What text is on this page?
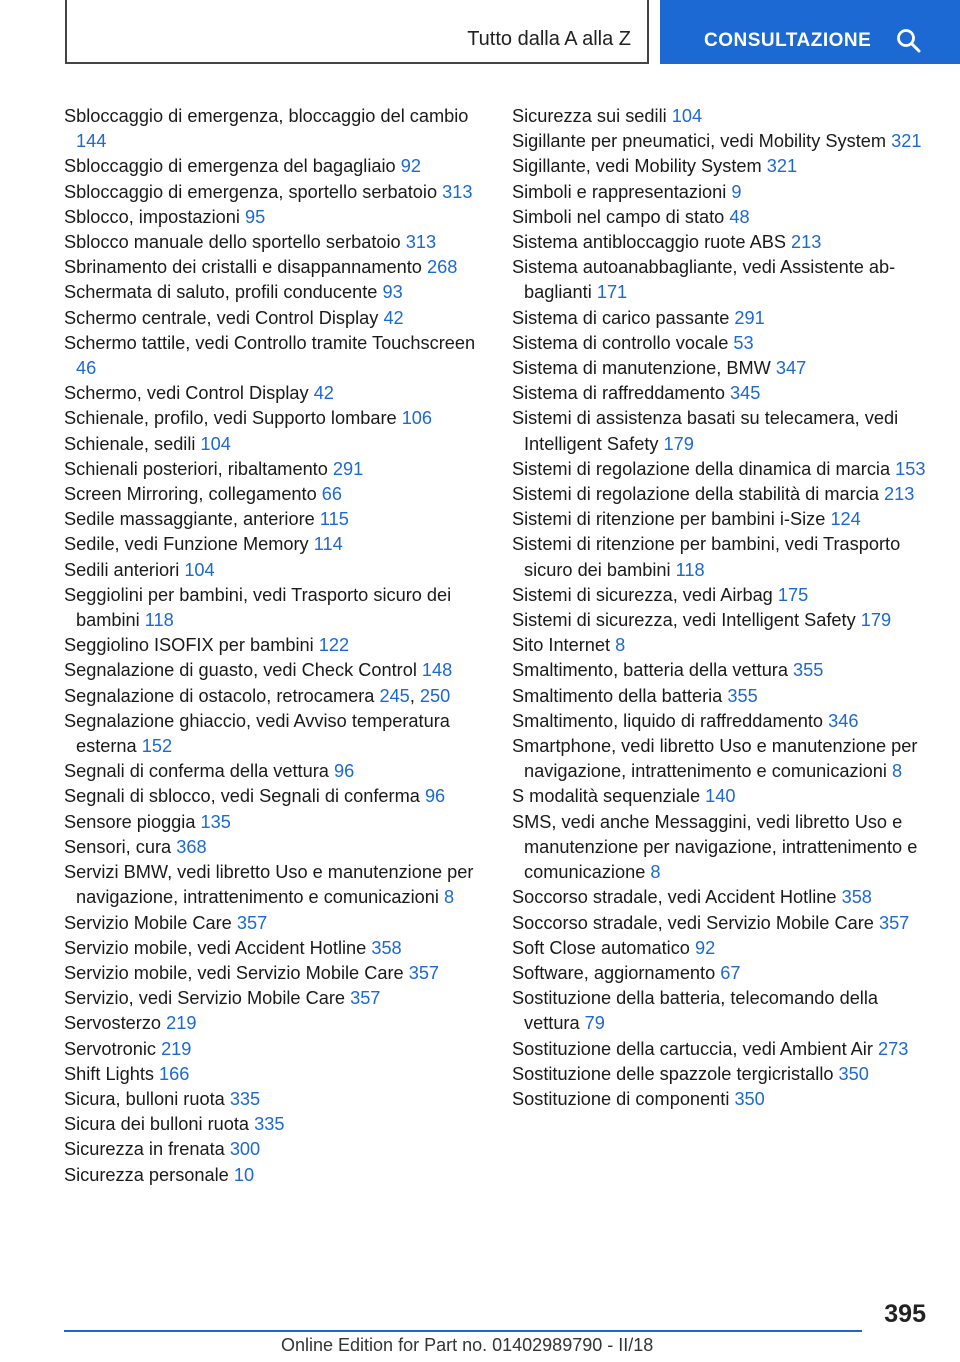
Tutto dalla A alla Z	CONSULTAZIONE
Sbloccaggio di emergenza, bloccaggio del cambio 144
Sbloccaggio di emergenza del bagagliaio 92
Sbloccaggio di emergenza, sportello serbatoio 313
Sblocco, impostazioni 95
Sblocco manuale dello sportello serbatoio 313
Sbrinamento dei cristalli e disappannamento 268
Schermata di saluto, profili conducente 93
Schermo centrale, vedi Control Display 42
Schermo tattile, vedi Controllo tramite Touchscreen 46
Schermo, vedi Control Display 42
Schienale, profilo, vedi Supporto lombare 106
Schienale, sedili 104
Schienali posteriori, ribaltamento 291
Screen Mirroring, collegamento 66
Sedile massaggiante, anteriore 115
Sedile, vedi Funzione Memory 114
Sedili anteriori 104
Seggiolini per bambini, vedi Trasporto sicuro dei bambini 118
Seggiolino ISOFIX per bambini 122
Segnalazione di guasto, vedi Check Control 148
Segnalazione di ostacolo, retrocamera 245, 250
Segnalazione ghiaccio, vedi Avviso temperatura esterna 152
Segnali di conferma della vettura 96
Segnali di sblocco, vedi Segnali di conferma 96
Sensore pioggia 135
Sensori, cura 368
Servizi BMW, vedi libretto Uso e manutenzione per navigazione, intrattenimento e comunicazioni 8
Servizio Mobile Care 357
Servizio mobile, vedi Accident Hotline 358
Servizio mobile, vedi Servizio Mobile Care 357
Servizio, vedi Servizio Mobile Care 357
Servosterzo 219
Servotronic 219
Shift Lights 166
Sicura, bulloni ruota 335
Sicura dei bulloni ruota 335
Sicurezza in frenata 300
Sicurezza personale 10
Sicurezza sui sedili 104
Sigillante per pneumatici, vedi Mobility System 321
Sigillante, vedi Mobility System 321
Simboli e rappresentazioni 9
Simboli nel campo di stato 48
Sistema antibloccaggio ruote ABS 213
Sistema autoanabbagliante, vedi Assistente abbaglianti 171
Sistema di carico passante 291
Sistema di controllo vocale 53
Sistema di manutenzione, BMW 347
Sistema di raffreddamento 345
Sistemi di assistenza basati su telecamera, vedi Intelligent Safety 179
Sistemi di regolazione della dinamica di marcia 153
Sistemi di regolazione della stabilità di marcia 213
Sistemi di ritenzione per bambini i-Size 124
Sistemi di ritenzione per bambini, vedi Trasporto sicuro dei bambini 118
Sistemi di sicurezza, vedi Airbag 175
Sistemi di sicurezza, vedi Intelligent Safety 179
Sito Internet 8
Smaltimento, batteria della vettura 355
Smaltimento della batteria 355
Smaltimento, liquido di raffreddamento 346
Smartphone, vedi libretto Uso e manutenzione per navigazione, intrattenimento e comunicazioni 8
S modalità sequenziale 140
SMS, vedi anche Messaggini, vedi libretto Uso e manutenzione per navigazione, intrattenimento e comunicazione 8
Soccorso stradale, vedi Accident Hotline 358
Soccorso stradale, vedi Servizio Mobile Care 357
Soft Close automatico 92
Software, aggiornamento 67
Sostituzione della batteria, telecomando della vettura 79
Sostituzione della cartuccia, vedi Ambient Air 273
Sostituzione delle spazzole tergicristallo 350
Sostituzione di componenti 350
395
Online Edition for Part no. 01402989790 - II/18
